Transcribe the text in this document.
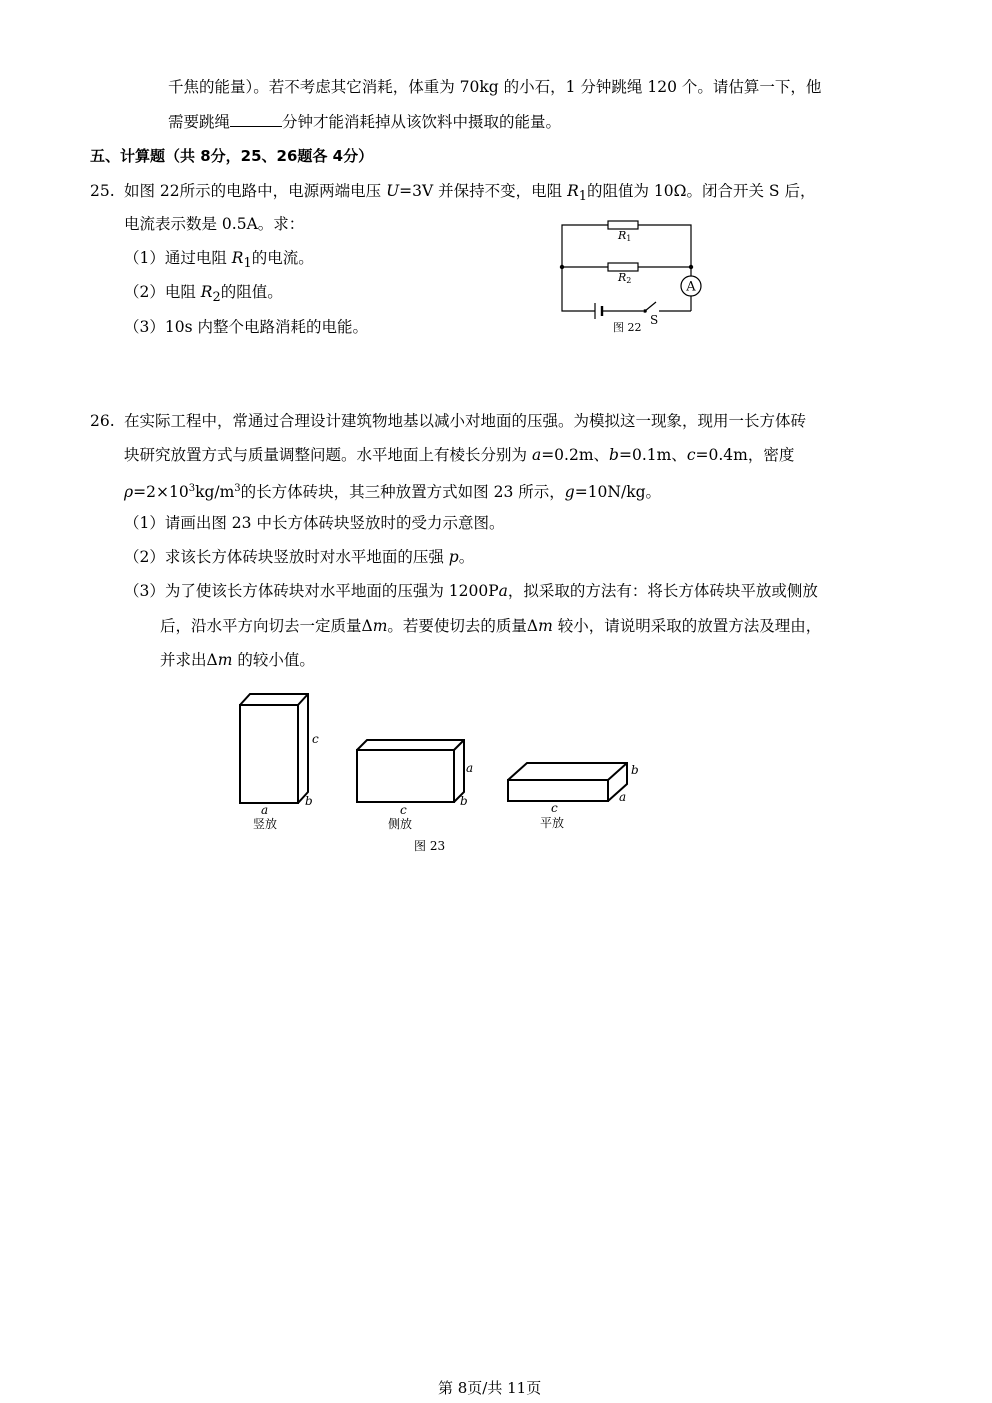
千焦的能量）。若不考虑其它消耗，体重为 70kg 的小石，1 分钟跳绳 120 个。请估算一下，他
需要跳绳	分钟才能消耗掉从该饮料中摄取的能量。
五、计算题（共 8分，25、26题各 4分）
25. 如图 22所示的电路中，电源两端电压 U=3V 并保持不变，电阻 $R_1$的阻值为 10Ω。闭合开关 S 后，
电流表示数是 0.5A。求：
（1）通过电阻 $R_1$的电流。
（2）电阻 $R_2$的阻值。
（3）10s 内整个电路消耗的电能。
A
R1
R2
S
图 22
26. 在实际工程中，常通过合理设计建筑物地基以减小对地面的压强。为模拟这一现象，现用一长方体砖
块研究放置方式与质量调整问题。水平地面上有棱长分别为 a=0.2m、b=0.1m、c=0.4m，密度
$\rho=2\times 10^3kg/m^3$的长方体砖块，其三种放置方式如图 23 所示，g=10N/kg。
（1）请画出图 23 中长方体砖块竖放时的受力示意图。
（2）求该长方体砖块竖放时对水平地面的压强 p。
（3）为了使该长方体砖块对水平地面的压强为 1200Pa，拟采取的方法有：将长方体砖块平放或侧放
后，沿水平方向切去一定质量Δm。若要使切去的质量Δm 较小，请说明采取的放置方法及理由，
并求出Δm 的较小值。
a
b
c
c
b
a
c
a
b
竖放	侧放	平放
图 23
第 8页/共 11页
